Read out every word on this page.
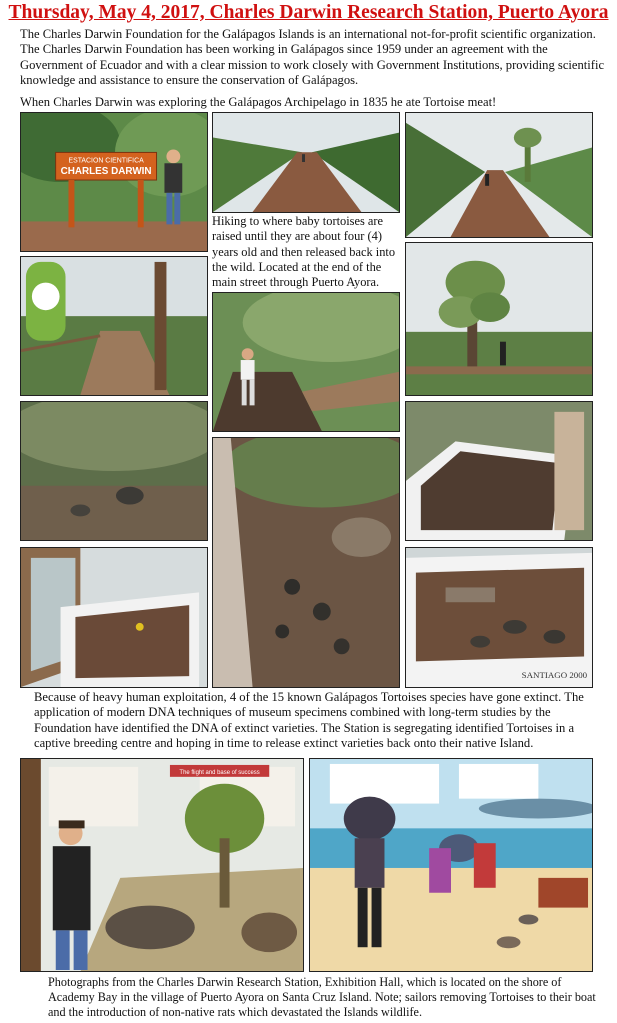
Thursday, May 4, 2017, Charles Darwin Research Station, Puerto Ayora

The Charles Darwin Foundation for the Galápagos Islands is an international not-for-profit scientific organization. The Charles Darwin Foundation has been working in Galápagos since 1959 under an agreement with the Government of Ecuador and with a clear mission to work closely with Government Institutions, providing scientific knowledge and assistance to ensure the conservation of Galápagos.

When Charles Darwin was exploring the Galápagos Archipelago in 1835 he ate Tortoise meat!

ESTACION CIENTIFICA
CHARLES DARWIN

Hiking to where baby tortoises are raised until they are about four (4) years old and then released back into the wild. Located at the end of the main street through Puerto Ayora.

SANTIAGO 2000

Because of heavy human exploitation, 4 of the 15 known Galápagos Tortoises species have gone extinct. The application of modern DNA techniques of museum specimens combined with long-term studies by the Foundation have identified the DNA of extinct varieties. The Station is segregating identified Tortoises in a captive breeding centre and hoping in time to release extinct varieties back onto their native Island.

The flight and base of success

Photographs from the Charles Darwin Research Station, Exhibition Hall, which is located on the shore of Academy Bay in the village of Puerto Ayora on Santa Cruz Island. Note; sailors removing Tortoises to their boat and the introduction of non-native rats which devastated the Islands wildlife.
